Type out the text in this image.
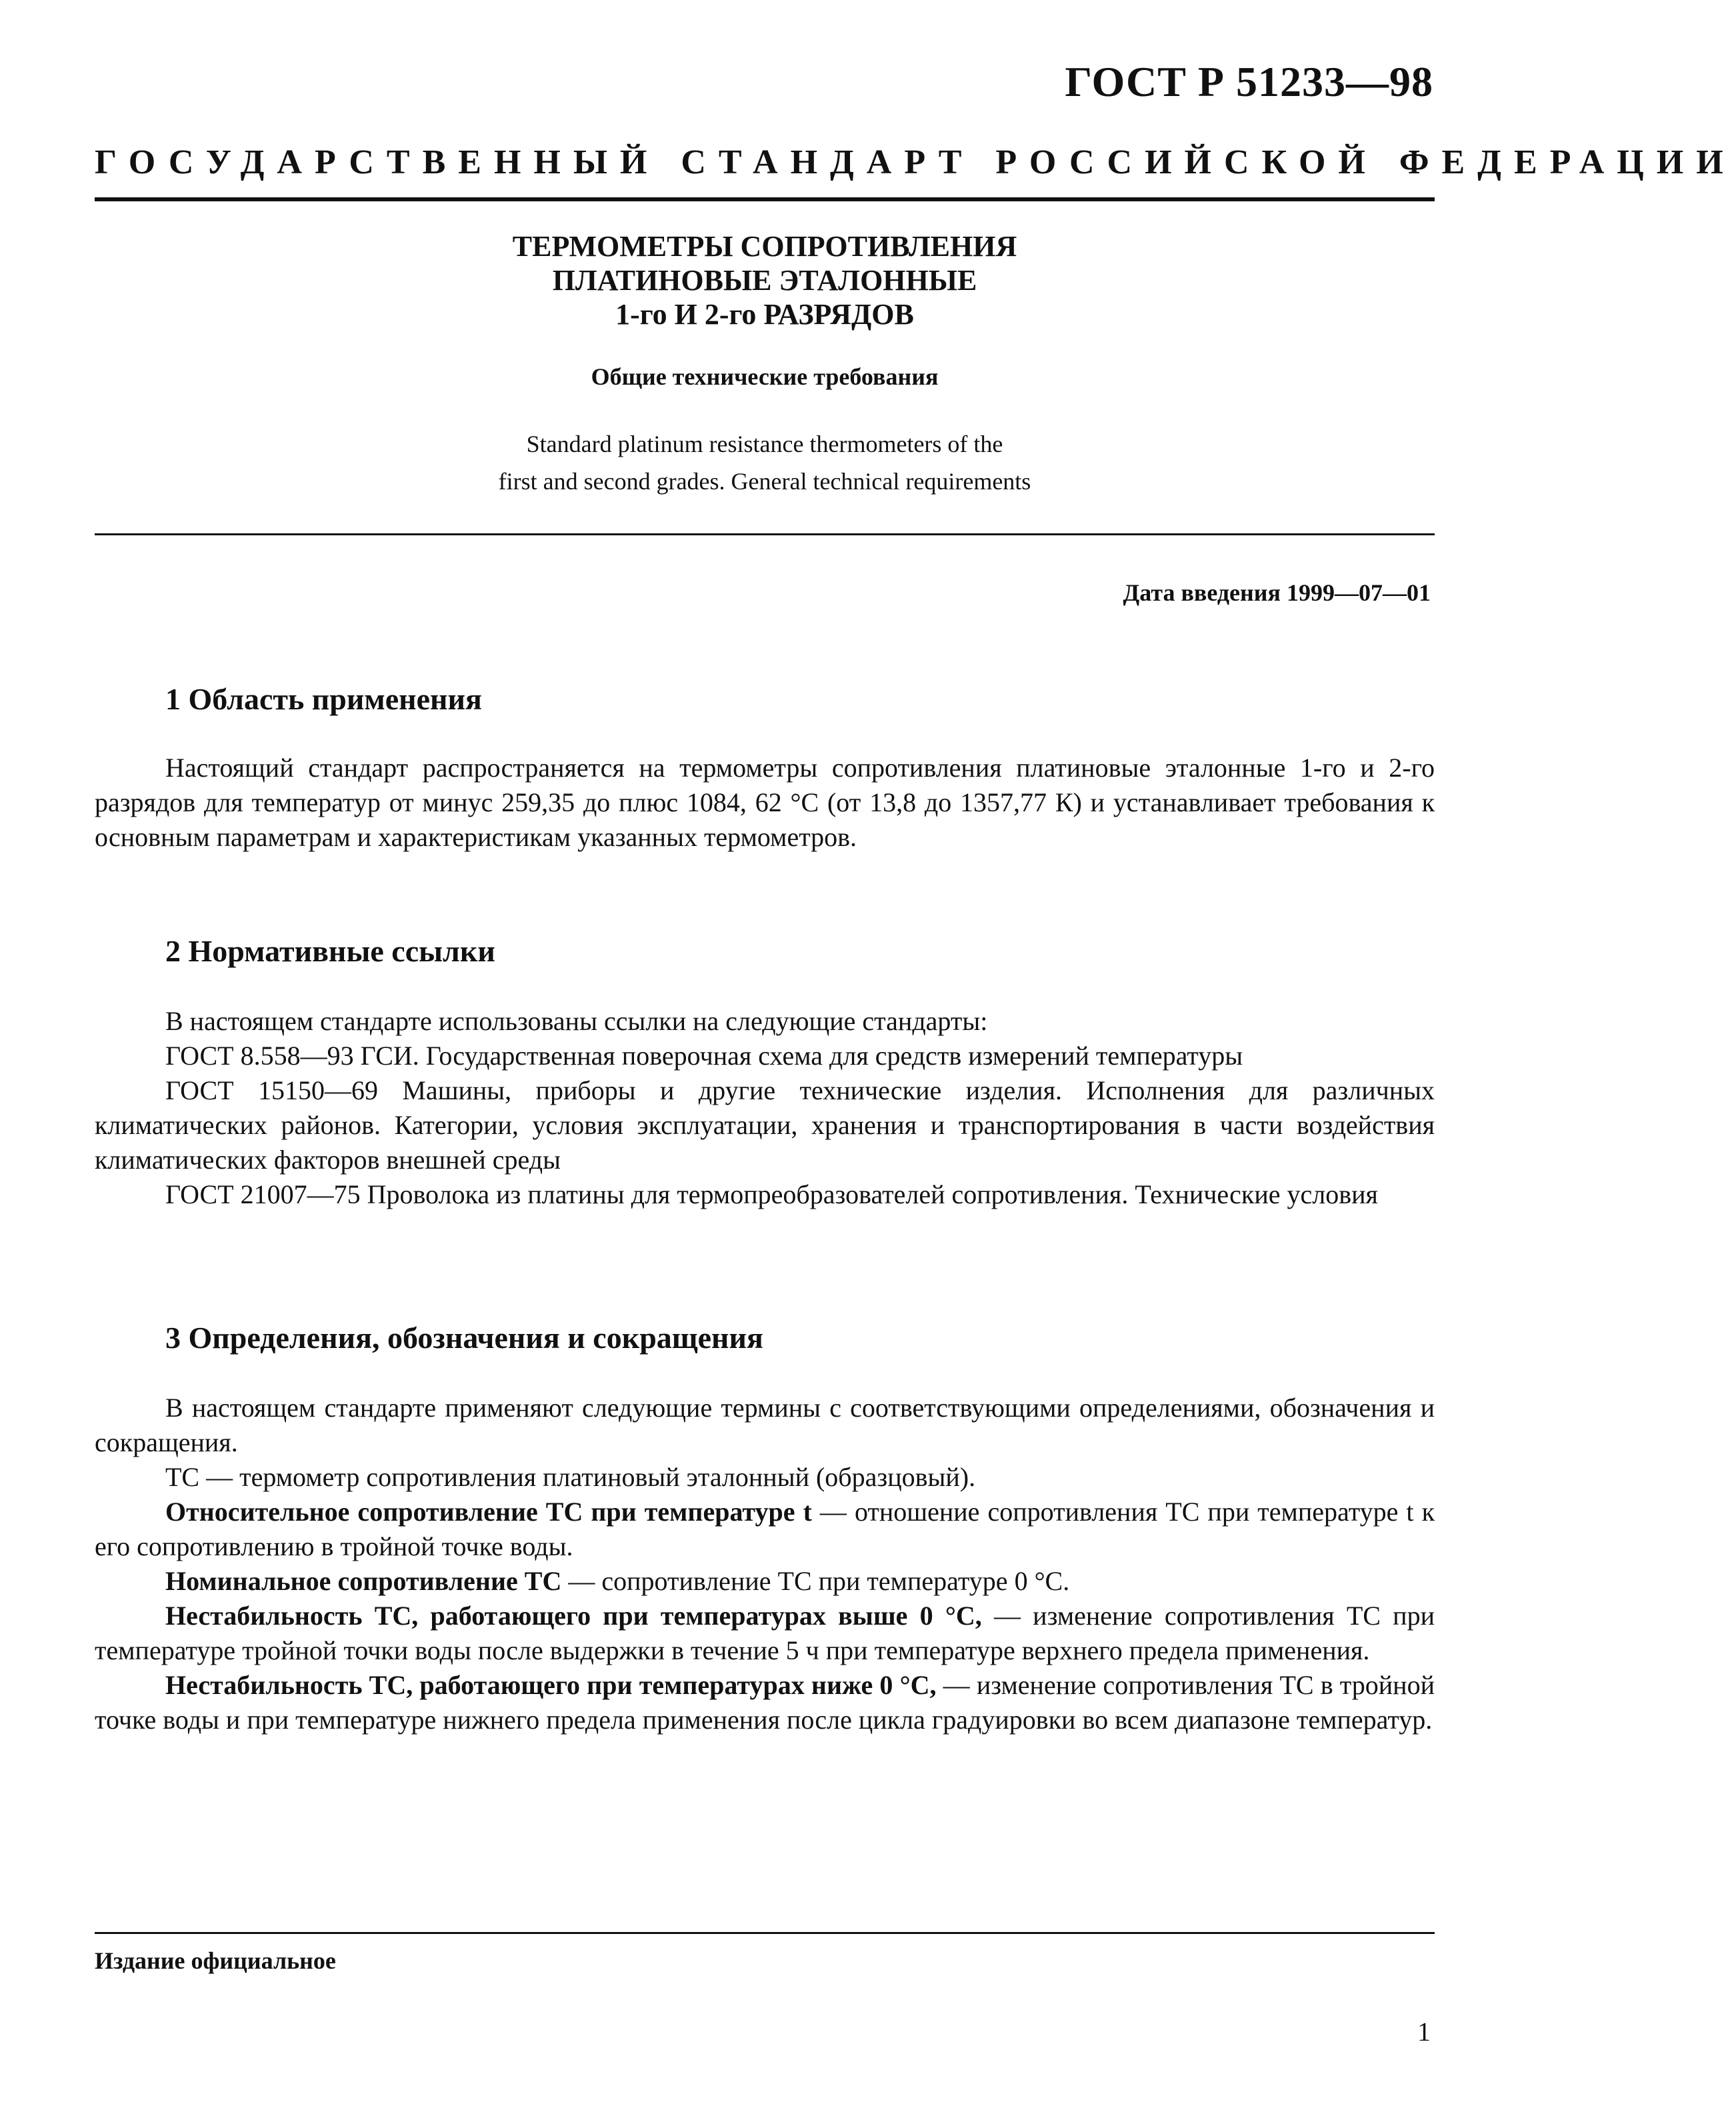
ГОСТ Р 51233—98
ГОСУДАРСТВЕННЫЙ СТАНДАРТ РОССИЙСКОЙ ФЕДЕРАЦИИ
ТЕРМОМЕТРЫ СОПРОТИВЛЕНИЯ
ПЛАТИНОВЫЕ ЭТАЛОННЫЕ
1-го И 2-го РАЗРЯДОВ
Общие технические требования
Standard platinum resistance thermometers of the
first and second grades. General technical requirements
Дата введения 1999—07—01
1 Область применения

Настоящий стандарт распространяется на термометры сопротивления платиновые эталонные 1-го и 2-го разрядов для температур от минус 259,35 до плюс 1084, 62 °С (от 13,8 до 1357,77 К) и устанавливает требования к основным параметрам и характеристикам указанных термометров.

2 Нормативные ссылки

В настоящем стандарте использованы ссылки на следующие стандарты:

ГОСТ 8.558—93 ГСИ. Государственная поверочная схема для средств измерений температуры

ГОСТ 15150—69 Машины, приборы и другие технические изделия. Исполнения для различных климатических районов. Категории, условия эксплуатации, хранения и транспортирования в части воздействия климатических факторов внешней среды

ГОСТ 21007—75 Проволока из платины для термопреобразователей сопротивления. Технические условия

3 Определения, обозначения и сокращения

В настоящем стандарте применяют следующие термины с соответствующими определениями, обозначения и сокращения.

ТС — термометр сопротивления платиновый эталонный (образцовый).

Относительное сопротивление ТС при температуре t — отношение сопротивления ТС при температуре t к его сопротивлению в тройной точке воды.

Номинальное сопротивление ТС — сопротивление ТС при температуре 0 °С.

Нестабильность ТС, работающего при температурах выше 0 °С, — изменение сопротивления ТС при температуре тройной точки воды после выдержки в течение 5 ч при температуре верхнего предела применения.

Нестабильность ТС, работающего при температурах ниже 0 °С, — изменение сопротивления ТС в тройной точке воды и при температуре нижнего предела применения после цикла градуировки во всем диапазоне температур.

Издание официальное
1
